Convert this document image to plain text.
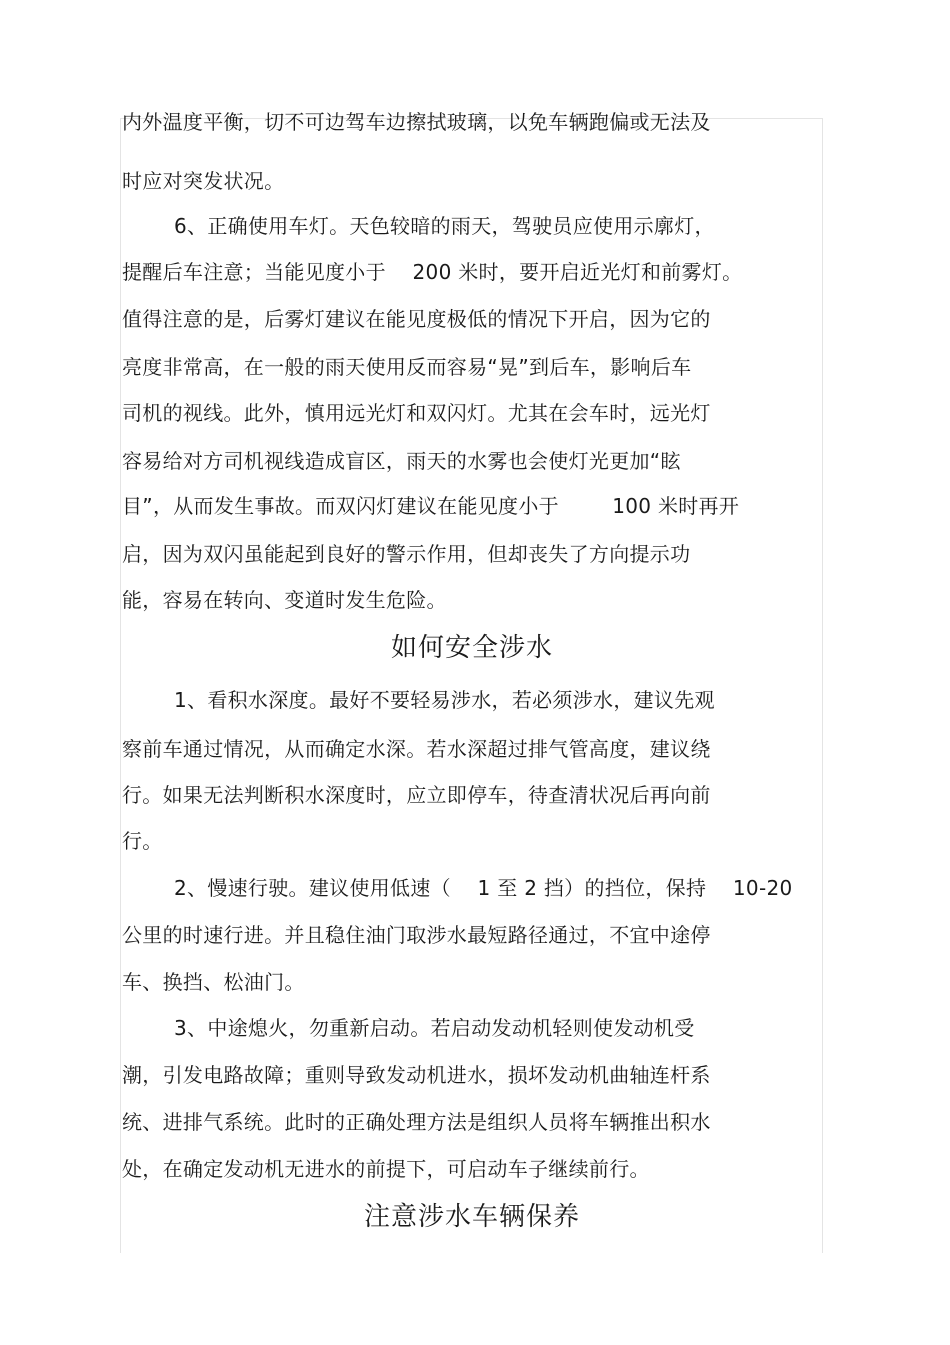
内外温度平衡，切不可边驾车边擦拭玻璃，以免车辆跑偏或无法及
时应对突发状况。
6、正确使用车灯。天色较暗的雨天，驾驶员应使用示廓灯，
提醒后车注意；当能见度小于    200 米时，要开启近光灯和前雾灯。
值得注意的是，后雾灯建议在能见度极低的情况下开启，因为它的
亮度非常高，在一般的雨天使用反而容易“晃”到后车，影响后车
司机的视线。此外，慎用远光灯和双闪灯。尤其在会车时，远光灯
容易给对方司机视线造成盲区，雨天的水雾也会使灯光更加“眩
目”，从而发生事故。而双闪灯建议在能见度小于        100 米时再开
启，因为双闪虽能起到良好的警示作用，但却丧失了方向提示功
能，容易在转向、变道时发生危险。
如何安全涉水
1、看积水深度。最好不要轻易涉水，若必须涉水，建议先观
察前车通过情况，从而确定水深。若水深超过排气管高度，建议绕
行。如果无法判断积水深度时，应立即停车，待查清状况后再向前
行。
2、慢速行驶。建议使用低速（    1 至 2 挡）的挡位，保持    10-20
公里的时速行进。并且稳住油门取涉水最短路径通过，不宜中途停
车、换挡、松油门。
3、中途熄火，勿重新启动。若启动发动机轻则使发动机受
潮，引发电路故障；重则导致发动机进水，损坏发动机曲轴连杆系
统、进排气系统。此时的正确处理方法是组织人员将车辆推出积水
处，在确定发动机无进水的前提下，可启动车子继续前行。
注意涉水车辆保养
